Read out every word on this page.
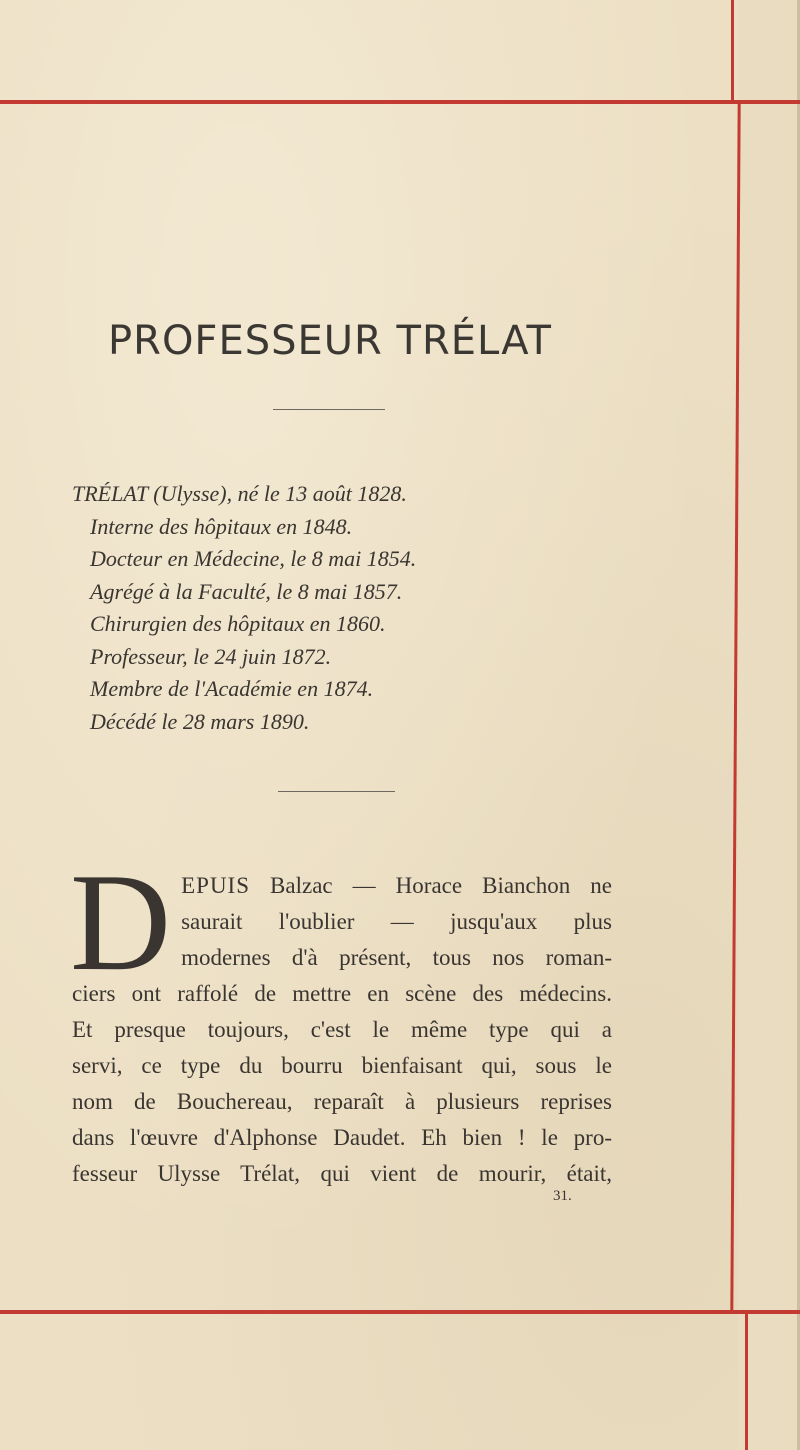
PROFESSEUR TRÉLAT
TRÉLAT (Ulysse), né le 13 août 1828.
Interne des hôpitaux en 1848.
Docteur en Médecine, le 8 mai 1854.
Agrégé à la Faculté, le 8 mai 1857.
Chirurgien des hôpitaux en 1860.
Professeur, le 24 juin 1872.
Membre de l'Académie en 1874.
Décédé le 28 mars 1890.
D EPUIS Balzac — Horace Bianchon ne
saurait l'oublier — jusqu'aux plus
modernes d'à présent, tous nos roman-
ciers ont raffolé de mettre en scène des médecins.
Et presque toujours, c'est le même type qui a
servi, ce type du bourru bienfaisant qui, sous le
nom de Bouchereau, reparaît à plusieurs reprises
dans l'œuvre d'Alphonse Daudet. Eh bien ! le pro-
fesseur Ulysse Trélat, qui vient de mourir, était,
31.
